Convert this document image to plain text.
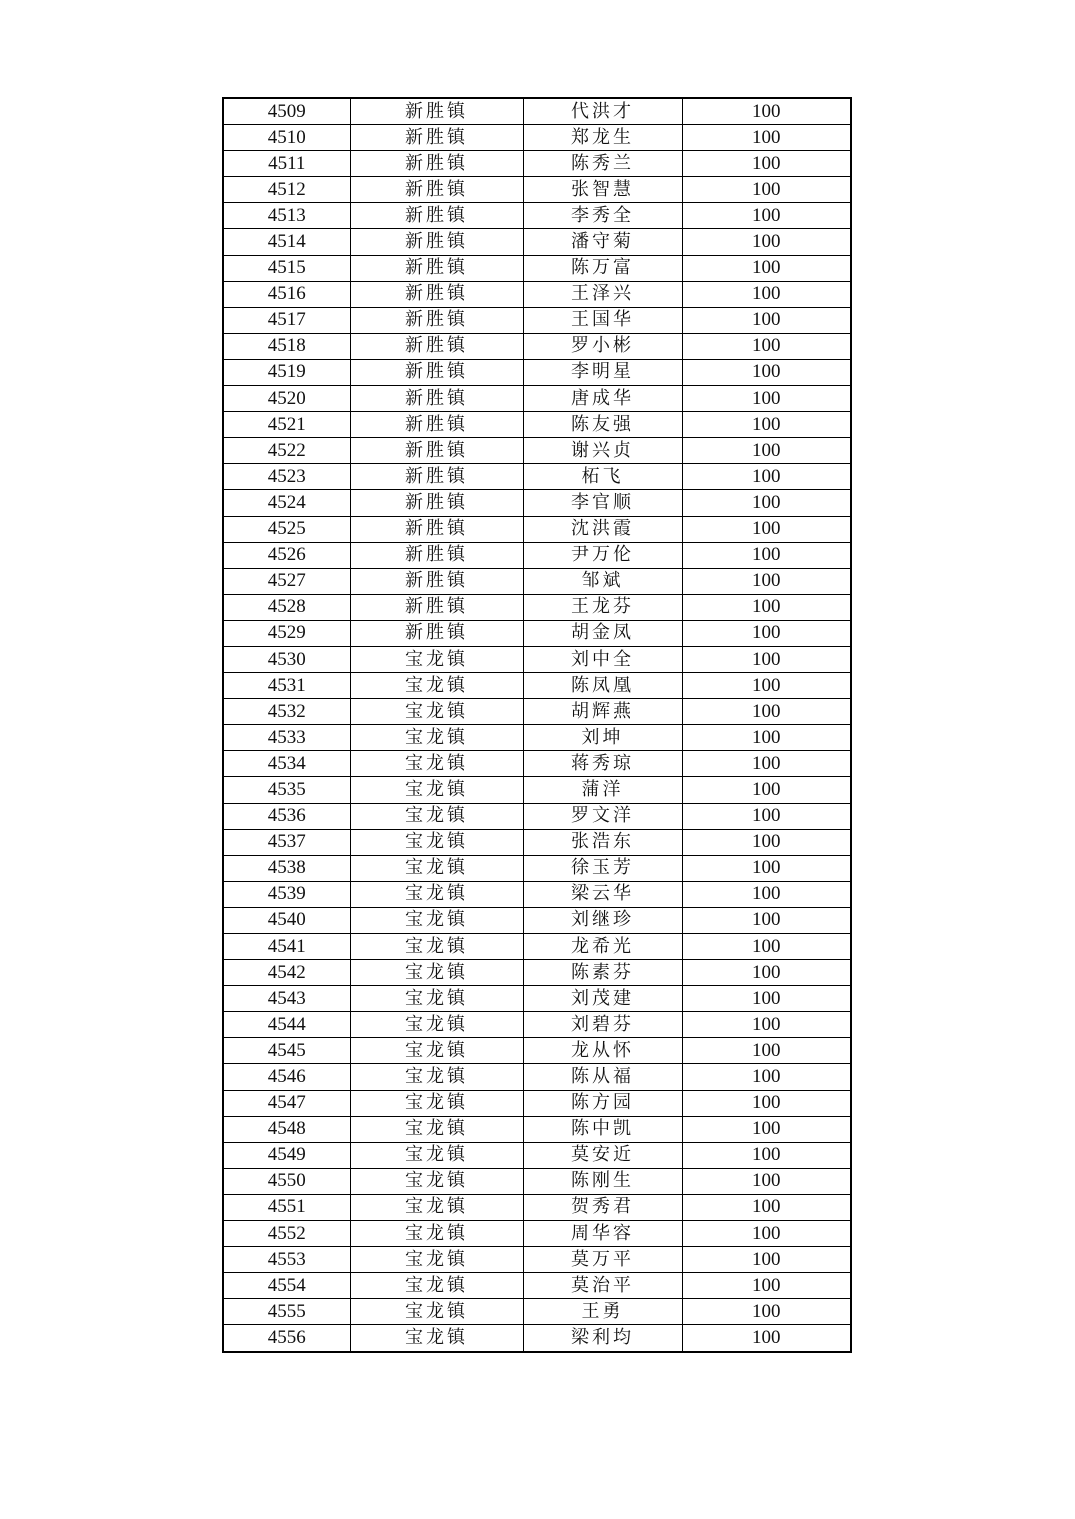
4509	新胜镇	代洪才	100
4510	新胜镇	郑龙生	100
4511	新胜镇	陈秀兰	100
4512	新胜镇	张智慧	100
4513	新胜镇	李秀全	100
4514	新胜镇	潘守菊	100
4515	新胜镇	陈万富	100
4516	新胜镇	王泽兴	100
4517	新胜镇	王国华	100
4518	新胜镇	罗小彬	100
4519	新胜镇	李明星	100
4520	新胜镇	唐成华	100
4521	新胜镇	陈友强	100
4522	新胜镇	谢兴贞	100
4523	新胜镇	柘飞	100
4524	新胜镇	李官顺	100
4525	新胜镇	沈洪霞	100
4526	新胜镇	尹万伦	100
4527	新胜镇	邹斌	100
4528	新胜镇	王龙芬	100
4529	新胜镇	胡金凤	100
4530	宝龙镇	刘中全	100
4531	宝龙镇	陈凤凰	100
4532	宝龙镇	胡辉燕	100
4533	宝龙镇	刘坤	100
4534	宝龙镇	蒋秀琼	100
4535	宝龙镇	蒲洋	100
4536	宝龙镇	罗文洋	100
4537	宝龙镇	张浩东	100
4538	宝龙镇	徐玉芳	100
4539	宝龙镇	梁云华	100
4540	宝龙镇	刘继珍	100
4541	宝龙镇	龙希光	100
4542	宝龙镇	陈素芬	100
4543	宝龙镇	刘茂建	100
4544	宝龙镇	刘碧芬	100
4545	宝龙镇	龙从怀	100
4546	宝龙镇	陈从福	100
4547	宝龙镇	陈方园	100
4548	宝龙镇	陈中凯	100
4549	宝龙镇	莫安近	100
4550	宝龙镇	陈刚生	100
4551	宝龙镇	贺秀君	100
4552	宝龙镇	周华容	100
4553	宝龙镇	莫万平	100
4554	宝龙镇	莫治平	100
4555	宝龙镇	王勇	100
4556	宝龙镇	梁利均	100
